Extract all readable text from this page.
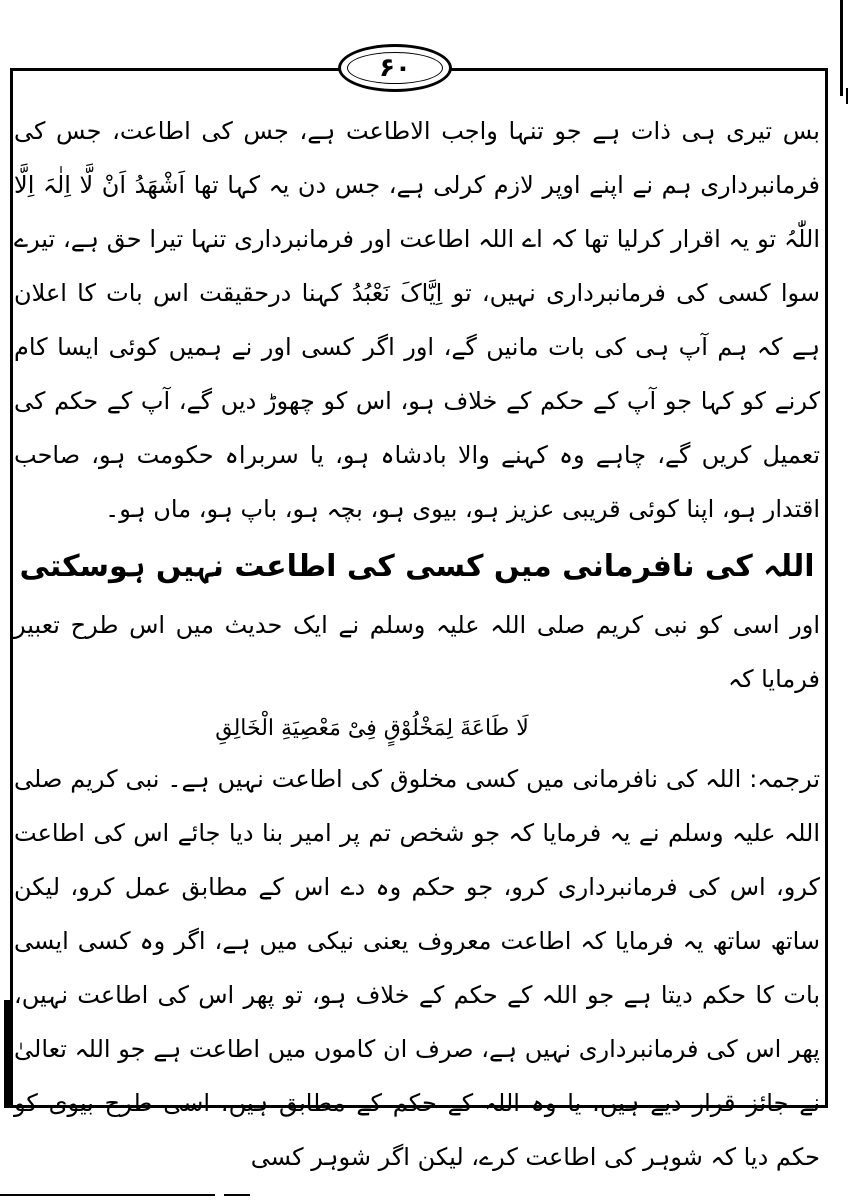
۶۰

بس تیری ہی ذات ہے جو تنہا واجب الاطاعت ہے، جس کی اطاعت، جس کی فرمانبرداری ہم نے اپنے اوپر لازم کرلی ہے، جس دن یہ کہا تھا اَشْھَدُ اَنْ لَّا اِلٰہَ اِلَّا اللّٰہُ تو یہ اقرار کرلیا تھا کہ اے اللہ اطاعت اور فرمانبرداری تنہا تیرا حق ہے، تیرے سوا کسی کی فرمانبرداری نہیں، تو اِیَّاکَ نَعْبُدُ کہنا درحقیقت اس بات کا اعلان ہے کہ ہم آپ ہی کی بات مانیں گے، اور اگر کسی اور نے ہمیں کوئی ایسا کام کرنے کو کہا جو آپ کے حکم کے خلاف ہو، اس کو چھوڑ دیں گے، آپ کے حکم کی تعمیل کریں گے، چاہے وہ کہنے والا بادشاہ ہو، یا سربراہ حکومت ہو، صاحب اقتدار ہو، اپنا کوئی قریبی عزیز ہو، بیوی ہو، بچہ ہو، باپ ہو، ماں ہو۔

اللہ کی نافرمانی میں کسی کی اطاعت نہیں ہوسکتی

اور اسی کو نبی کریم صلی اللہ علیہ وسلم نے ایک حدیث میں اس طرح تعبیر فرمایا کہ

لَا طَاعَةَ لِمَخْلُوْقٍ فِیْ مَعْصِیَةِ الْخَالِقِ

ترجمہ: اللہ کی نافرمانی میں کسی مخلوق کی اطاعت نہیں ہے۔ نبی کریم صلی اللہ علیہ وسلم نے یہ فرمایا کہ جو شخص تم پر امیر بنا دیا جائے اس کی اطاعت کرو، اس کی فرمانبرداری کرو، جو حکم وہ دے اس کے مطابق عمل کرو، لیکن ساتھ ساتھ یہ فرمایا کہ اطاعت معروف یعنی نیکی میں ہے، اگر وہ کسی ایسی بات کا حکم دیتا ہے جو اللہ کے حکم کے خلاف ہو، تو پھر اس کی اطاعت نہیں، پھر اس کی فرمانبرداری نہیں ہے، صرف ان کاموں میں اطاعت ہے جو اللہ تعالیٰ نے جائز قرار دیے ہیں، یا وہ اللہ کے حکم کے مطابق ہیں، اسی طرح بیوی کو حکم دیا کہ شوہر کی اطاعت کرے، لیکن اگر شوہر کسی
